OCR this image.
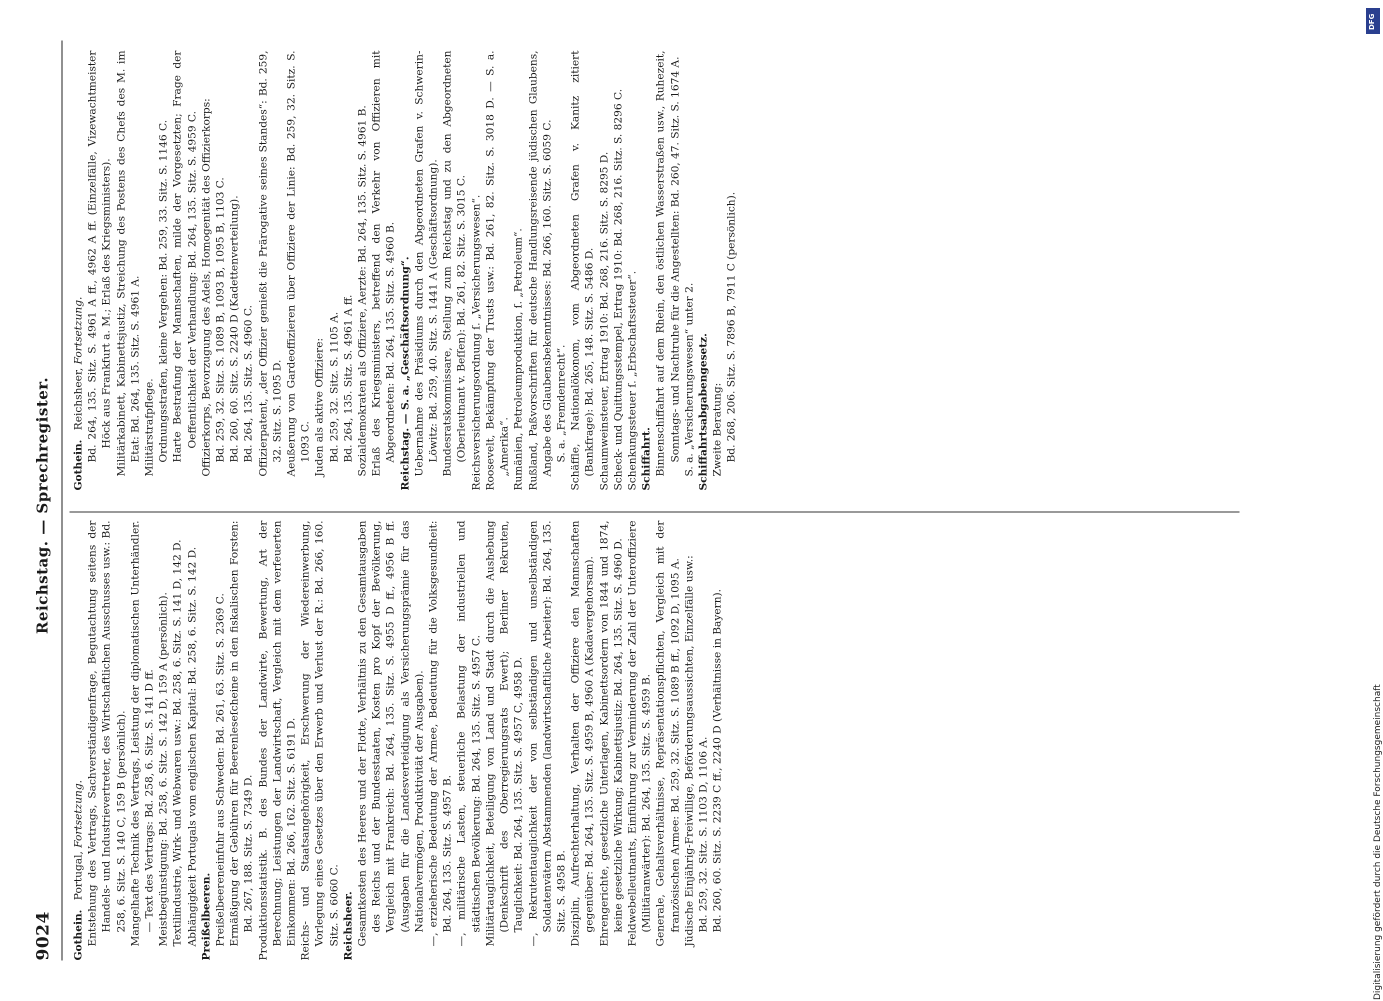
9024
Reichstag. — Sprechregister.
Gothein. Portugal, Fortsetzung. Entstehung des Vertrags, Sachverständigenfrage, Begutachtung seitens der Handels- und Industrievertreter, des Wirtschaftlichen Ausschusses usw.: Bd. 258, 6. Sitz. S. 140 C, 159 B (persönlich). Mangelhafte Technik des Vertrags, Leistung der diplomatischen Unterhändler. — Text des Vertrags: Bd. 258, 6. Sitz. S. 141 D ff. Meistbegünstigung: Bd. 258, 6. Sitz. S. 142 D, 159 A (persönlich). Textilindustrie, Wirk- und Webwaren usw.: Bd. 258, 6. Sitz. S. 141 D, 142 D. Abhängigkeit Portugals vom englischen Kapital: Bd. 258, 6. Sitz. S. 142 D. Preißelbeeren. Preißelbeereneinfuhr aus Schweden: Bd. 261, 63. Sitz. S. 2369 C. Ermäßigung der Gebühren für Beerenleseſcheine in den fiskalischen Forsten: Bd. 267, 188. Sitz. S. 7349 D. Produktionsstatistik. B. des Bundes der Landwirte, Bewertung, Art der Berechnung; Leistungen der Landwirtschaft, Vergleich mit dem verfeuerten Einkommen: Bd. 266, 162. Sitz. S. 6191 D. Reichs- und Staatsangehörigkeit, Erschwerung der Wiedereinwerbung, Vorlegung eines Gesetzes über den Erwerb und Verlust der R.: Bd. 266, 160. Sitz. S. 6060 C. Reichsheer. Gesamtkosten des Heeres und der Flotte, Verhältnis zu den Gesamtausgaben des Reichs und der Bundesstaaten, Kosten pro Kopf der Bevölkerung, Vergleich mit Frankreich: Bd. 264, 135. Sitz. S. 4955 D ff., 4956 B ff. (Ausgaben für die Landesverteidigung als Versicherungsprämie für das Nationalvermögen, Produktivität der Ausgaben). —, erzieherische Bedeutung der Armee, Bedeutung für die Volksgesundheit: Bd. 264, 135. Sitz. S. 4957 B. —, militärische Lasten, steuerliche Belastung der industriellen und städtischen Bevölkerung: Bd. 264, 135. Sitz. S. 4957 C. Militärtauglichkeit, Beteiligung von Land und Stadt durch die Aushebung (Denkschrift des Oberregierungsrats Ewert); Berliner Rekruten, Tauglichkeit: Bd. 264, 135. Sitz. S. 4957 C, 4958 D. —, Rekrutentauglichkeit der von selbständigen und unselbständigen Soldatenvätern Abstammenden (landwirtschaftliche Arbeiter): Bd. 264, 135. Sitz. S. 4958 B. Disziplin, Aufrechterhaltung, Verhalten der Offiziere den Mannschaften gegenüber: Bd. 264, 135. Sitz. S. 4959 B, 4960 A (Kadavergehorsam). Ehrengerichte, gesetzliche Unterlagen, Kabinettsordern von 1844 und 1874, keine gesetzliche Wirkung; Kabinettsjustiz: Bd. 264, 135. Sitz. S. 4960 D. Feldwebelleutnants, Einführung zur Verminderung der Zahl der Unteroffiziere (Militäranwärter): Bd. 264, 135. Sitz. S. 4959 B. Generale, Gehaltsverhältnisse, Repräsentationspflichten, Vergleich mit der französischen Armee: Bd. 259, 32. Sitz. S. 1089 B ff., 1092 D, 1095 A. Jüdische Einjährig-Freiwillige, Beförderungsaussichten, Einzelfälle usw.: Bd. 259, 32. Sitz. S. 1103 D, 1106 A. Bd. 260, 60. Sitz. S. 2239 C ff., 2240 D (Verhältnisse in Bayern).
Gothein. Reichsheer, Fortsetzung. Bd. 264, 135. Sitz. S. 4961 A ff., 4962 A ff. (Einzelfälle, Vizewachtmeister Höck aus Frankfurt a. M.; Erlaß des Kriegsministers). Militärkabinett, Kabinettsjustiz, Streichung des Postens des Chefs des M. im Etat: Bd. 264, 135. Sitz. S. 4961 A. Militärstrafpflege. Ordnungsstrafen, kleine Vergehen: Bd. 259, 33. Sitz. S. 1146 C. Harte Bestrafung der Mannschaften, milde der Vorgesetzten; Frage der Oeffentlichkeit der Verhandlung: Bd. 264, 135. Sitz. S. 4959 C. Offizierkorps, Bevorzugung des Adels, Homogenität des Offizierkorps: Bd. 259, 32. Sitz. S. 1089 B, 1093 B, 1095 B, 1103 C. Bd. 260, 60. Sitz. S. 2240 D (Kadettenverteilung). Bd. 264, 135. Sitz. S. 4960 C. Offizierpatent, „der Offizier genießt die Prärogative seines Standes“: Bd. 259, 32. Sitz. S. 1095 D. Aeußerung von Gardeoffizieren über Offiziere der Linie: Bd. 259, 32. Sitz. S. 1093 C. Juden als aktive Offiziere: Bd. 259, 32. Sitz. S. 1105 A. Bd. 264, 135. Sitz. S. 4961 A ff. Sozialdemokraten als Offiziere, Aerzte: Bd. 264, 135. Sitz. S. 4961 B. Erlaß des Kriegsministers, betreffend den Verkehr von Offizieren mit Abgeordneten: Bd. 264, 135. Sitz. S. 4960 B. Reichstag. — S. a. „Geschäftsordnung“. Uebernahme des Präsidiums durch den Abgeordneten Grafen v. Schwerin-Löwitz: Bd. 259, 40. Sitz. S. 1441 A (Geschäftsordnung). Bundesratskommissare, Stellung zum Reichstag und zu den Abgeordneten (Oberleutnant v. Beſſen): Bd. 261, 82. Sitz. S. 3015 C. Reichsversicherungsordnung ſ. „Versicherungswesen“. Roosevelt, Bekämpfung der Trusts usw.: Bd. 261, 82. Sitz. S. 3018 D. — S. a. „Amerika“. Rumänien, Petroleumproduktion, ſ. „Petroleum“. Rußland, Paßvorschriften für deutsche Handlungsreisende jüdischen Glaubens, Angabe des Glaubensbekenntnisses: Bd. 266, 160. Sitz. S. 6059 C. S. a. „Fremdenrecht“. Schäffle, Nationalökonom, vom Abgeordneten Grafen v. Kanitz zitiert (Bankfrage): Bd. 265, 148. Sitz. S. 5486 D. Schaumweinsteuer, Ertrag 1910: Bd. 268, 216. Sitz. S. 8295 D. Scheck- und Quittungsstempel, Ertrag 1910: Bd. 268, 216. Sitz. S. 8296 C. Schenkungssteuer ſ. „Erbschaftssteuer“. Schiffahrt. Binnenschiffahrt auf dem Rhein, den östlichen Wasserstraßen usw., Ruhezeit, Sonntags- und Nachtruhe für die Angestellten: Bd. 260, 47. Sitz. S. 1674 A. S. a. „Versicherungswesen“ unter 2. Schiffahrtsabgabengesetz. Zweite Beratung: Bd. 268, 206. Sitz. S. 7896 B, 7911 C (persönlich).
DFG
Digitalisierung gefördert durch die Deutsche Forschungsgemeinschaft
